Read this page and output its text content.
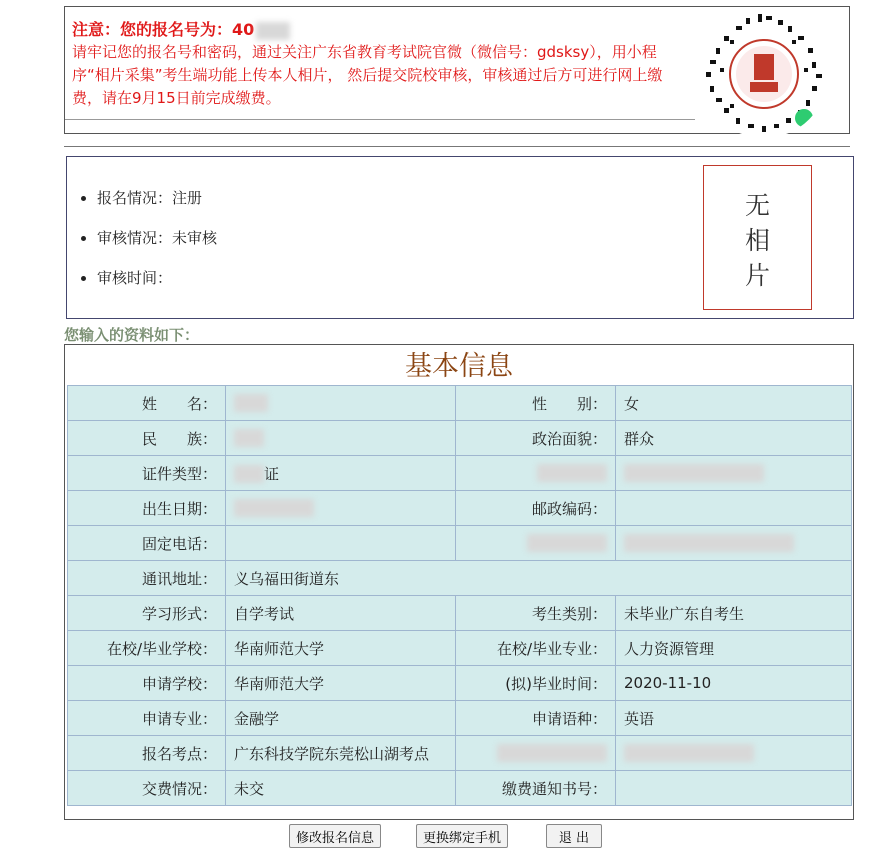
注意：您的报名号为：40
请牢记您的报名号和密码，通过关注广东省教育考试院官微（微信号：gdsksy），用小程序“相片采集”考生端功能上传本人相片， 然后提交院校审核，审核通过后方可进行网上缴费，请在9月15日前完成缴费。
• 报名情况：注册
• 审核情况：未审核
• 审核时间：
无
相
片
您输入的资料如下：
基本信息
姓　　名：		性　　别：	女
民　　族：		政治面貌：	群众
证件类型：	证		
出生日期：		邮政编码：	
固定电话：			
通讯地址：	义乌福田街道东		
学习形式：	自学考试	考生类别：	未毕业广东自考生
在校/毕业学校：	华南师范大学	在校/毕业专业：	人力资源管理
申请学校：	华南师范大学	(拟)毕业时间：	2020-11-10
申请专业：	金融学	申请语种：	英语
报名考点：	广东科技学院东莞松山湖考点		
交费情况：	未交	缴费通知书号：	
修改报名信息	更换绑定手机	退 出
